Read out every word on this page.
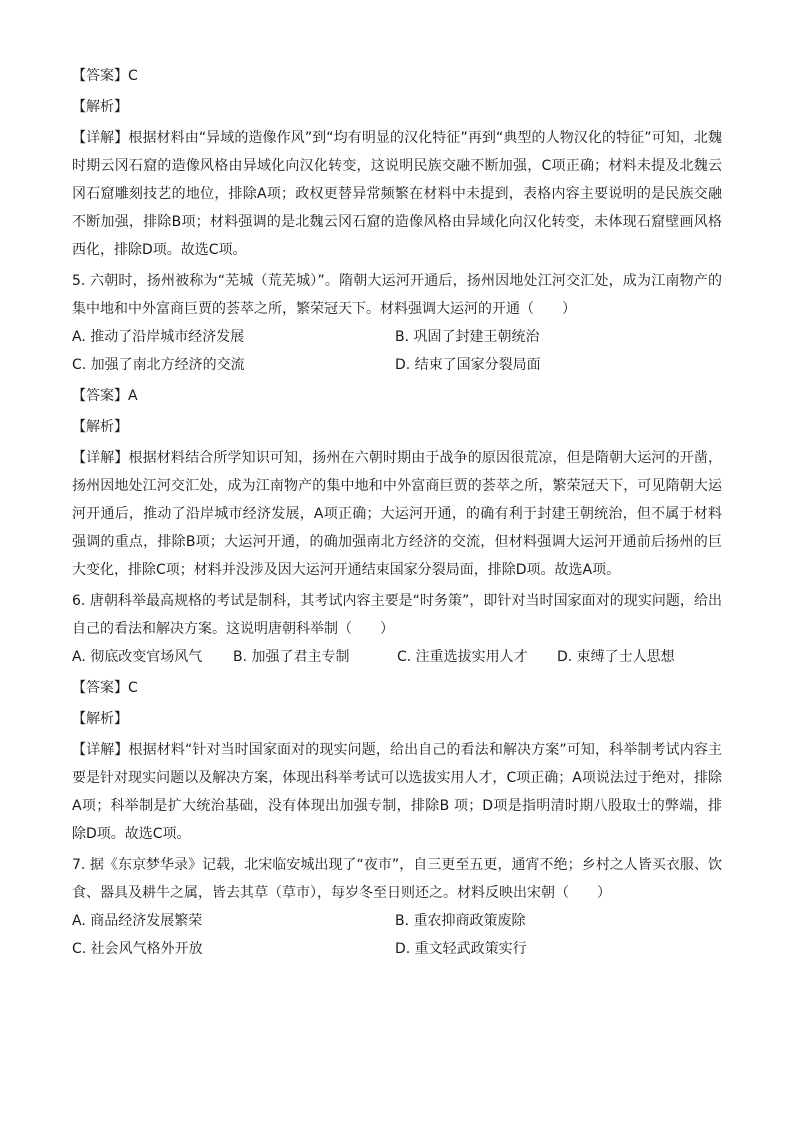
【答案】C

【解析】

【详解】根据材料由“异域的造像作风”到“均有明显的汉化特征”再到“典型的人物汉化的特征”可知，北魏时期云冈石窟的造像风格由异域化向汉化转变，这说明民族交融不断加强，C项正确；材料未提及北魏云冈石窟雕刻技艺的地位，排除A项；政权更替异常频繁在材料中未提到，表格内容主要说明的是民族交融不断加强，排除B项；材料强调的是北魏云冈石窟的造像风格由异域化向汉化转变，未体现石窟壁画风格西化，排除D项。故选C项。

5. 六朝时，扬州被称为“芜城（荒芜城）”。隋朝大运河开通后，扬州因地处江河交汇处，成为江南物产的集中地和中外富商巨贾的荟萃之所，繁荣冠天下。材料强调大运河的开通（　　）

A. 推动了沿岸城市经济发展	B. 巩固了封建王朝统治
C. 加强了南北方经济的交流	D. 结束了国家分裂局面

【答案】A

【解析】

【详解】根据材料结合所学知识可知，扬州在六朝时期由于战争的原因很荒凉，但是隋朝大运河的开凿，扬州因地处江河交汇处，成为江南物产的集中地和中外富商巨贾的荟萃之所，繁荣冠天下，可见隋朝大运河开通后，推动了沿岸城市经济发展，A项正确；大运河开通，的确有利于封建王朝统治，但不属于材料强调的重点，排除B项；大运河开通，的确加强南北方经济的交流，但材料强调大运河开通前后扬州的巨大变化，排除C项；材料并没涉及因大运河开通结束国家分裂局面，排除D项。故选A项。

6. 唐朝科举最高规格的考试是制科，其考试内容主要是“时务策”，即针对当时国家面对的现实问题，给出自己的看法和解决方案。这说明唐朝科举制（　　）

A. 彻底改变官场风气	B. 加强了君主专制	C. 注重选拔实用人才	D. 束缚了士人思想

【答案】C

【解析】

【详解】根据材料“针对当时国家面对的现实问题，给出自己的看法和解决方案”可知，科举制考试内容主要是针对现实问题以及解决方案，体现出科举考试可以选拔实用人才，C项正确；A项说法过于绝对，排除A项；科举制是扩大统治基础，没有体现出加强专制，排除B 项；D项是指明清时期八股取士的弊端，排除D项。故选C项。

7. 据《东京梦华录》记载，北宋临安城出现了“夜市”，自三更至五更，通宵不绝；乡村之人皆买衣服、饮食、器具及耕牛之属，皆去其草（草市），每岁冬至日则还之。材料反映出宋朝（　　）

A. 商品经济发展繁荣	B. 重农抑商政策废除
C. 社会风气格外开放	D. 重文轻武政策实行
